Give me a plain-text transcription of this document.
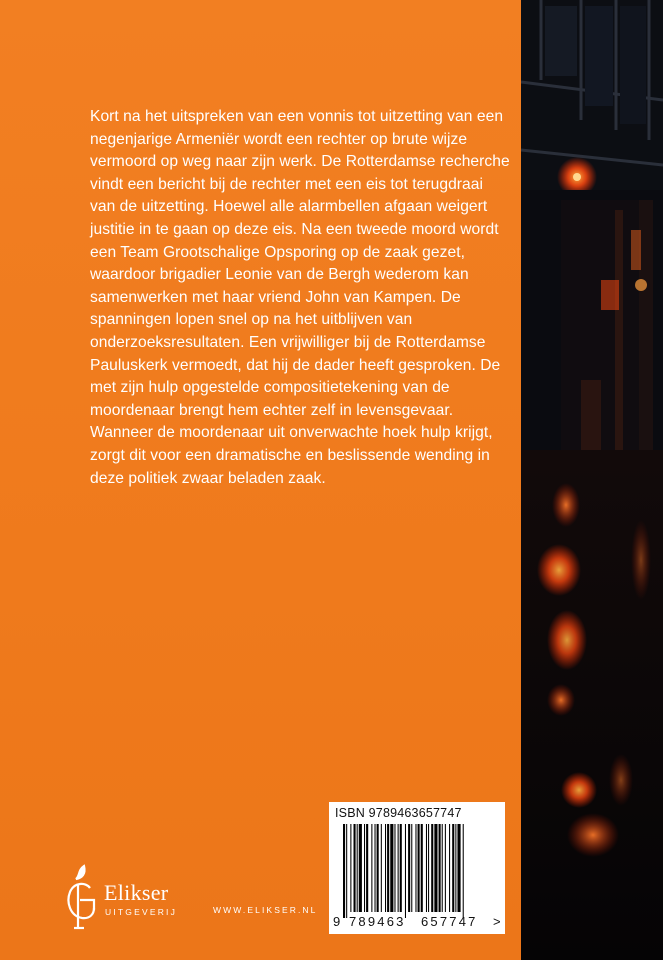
Kort na het uitspreken van een vonnis tot uitzetting van een negenjarige Armeniër wordt een rechter op brute wijze vermoord op weg naar zijn werk. De Rotterdamse recherche vindt een bericht bij de rechter met een eis tot terugdraai van de uitzetting. Hoewel alle alarmbellen afgaan weigert justitie in te gaan op deze eis. Na een tweede moord wordt een Team Grootschalige Opsporing op de zaak gezet, waardoor brigadier Leonie van de Bergh wederom kan samenwerken met haar vriend John van Kampen. De spanningen lopen snel op na het uitblijven van onderzoeksresultaten. Een vrijwilliger bij de Rotterdamse Pauluskerk vermoedt, dat hij de dader heeft gesproken. De met zijn hulp opgestelde compositietekening van de moordenaar brengt hem echter zelf in levensgevaar. Wanneer de moordenaar uit onverwachte hoek hulp krijgt, zorgt dit voor een dramatische en beslissende wending in deze politiek zwaar beladen zaak.

ISBN 9789463657747
9 789463 657747 >
Elikser
UITGEVERIJ	WWW.ELIKSER.NL
